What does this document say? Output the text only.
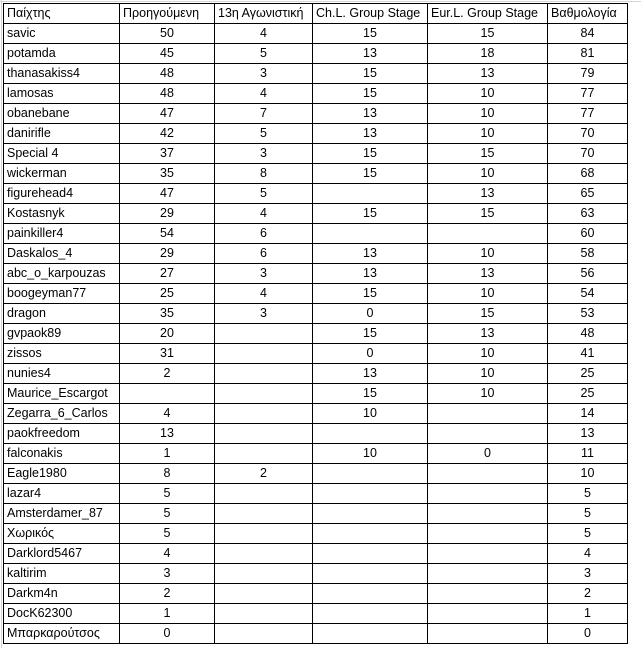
Παίχτης	Προηγούμενη	13η Αγωνιστική	Ch.L. Group Stage	Eur.L. Group Stage	Βαθμολογία
savic	50	4	15	15	84
potamda	45	5	13	18	81
thanasakiss4	48	3	15	13	79
lamosas	48	4	15	10	77
obanebane	47	7	13	10	77
danirifle	42	5	13	10	70
Special 4	37	3	15	15	70
wickerman	35	8	15	10	68
figurehead4	47	5		13	65
Kostasnyk	29	4	15	15	63
painkiller4	54	6			60
Daskalos_4	29	6	13	10	58
abc_o_karpouzas	27	3	13	13	56
boogeyman77	25	4	15	10	54
dragon	35	3	0	15	53
gvpaok89	20		15	13	48
zissos	31		0	10	41
nunies4	2		13	10	25
Maurice_Escargot			15	10	25
Zegarra_6_Carlos	4		10		14
paokfreedom	13				13
falconakis	1		10	0	11
Eagle1980	8	2			10
lazar4	5				5
Amsterdamer_87	5				5
Χωρικός	5				5
Darklord5467	4				4
kaltirim	3				3
Darkm4n	2				2
DocK62300	1				1
Μπαρκαρούτσος	0				0
